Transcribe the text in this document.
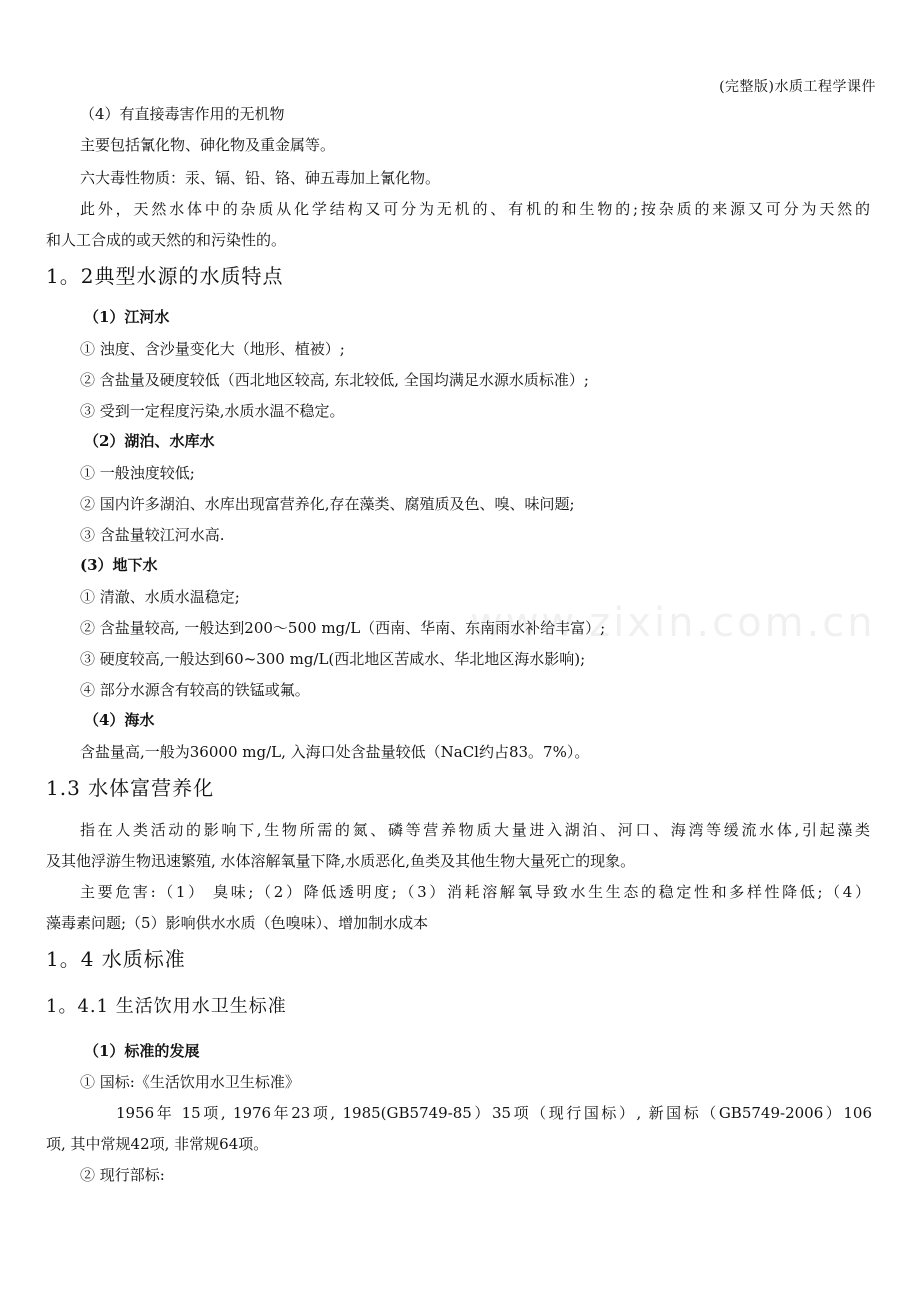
(完整版)水质工程学课件
www.zixin.com.cn
（4）有直接毒害作用的无机物
主要包括氰化物、砷化物及重金属等。
六大毒性物质：汞、镉、铅、铬、砷五毒加上氰化物。
此外，天然水体中的杂质从化学结构又可分为无机的、有机的和生物的;按杂质的来源又可分为天然的
和人工合成的或天然的和污染性的。
1。2典型水源的水质特点
（1）江河水
① 浊度、含沙量变化大（地形、植被）;
② 含盐量及硬度较低（西北地区较高, 东北较低, 全国均满足水源水质标准）;
③ 受到一定程度污染,水质水温不稳定。
（2）湖泊、水库水
① 一般浊度较低;
② 国内许多湖泊、水库出现富营养化,存在藻类、腐殖质及色、嗅、味问题;
③ 含盐量较江河水高.
(3）地下水
① 清澈、水质水温稳定;
② 含盐量较高, 一般达到200～500 mg/L（西南、华南、东南雨水补给丰富）;
③ 硬度较高,一般达到60~300 mg/L(西北地区苦咸水、华北地区海水影响);
④ 部分水源含有较高的铁锰或氟。
（4）海水
含盐量高,一般为36000 mg/L, 入海口处含盐量较低（NaCl约占83。7%）。
1.3 水体富营养化
指在人类活动的影响下,生物所需的氮、磷等营养物质大量进入湖泊、河口、海湾等缓流水体,引起藻类
及其他浮游生物迅速繁殖, 水体溶解氧量下降,水质恶化,鱼类及其他生物大量死亡的现象。
主要危害:（1） 臭味;（2）降低透明度;（3）消耗溶解氧导致水生生态的稳定性和多样性降低;（4）
藻毒素问题;（5）影响供水水质（色嗅味）、增加制水成本
1。4 水质标准
1。4.1 生活饮用水卫生标准
（1）标准的发展
① 国标:《生活饮用水卫生标准》
1956年 15项, 1976年23项, 1985(GB5749-85）35项（现行国标）, 新国标（GB5749-2006）106
项, 其中常规42项, 非常规64项。
② 现行部标:
